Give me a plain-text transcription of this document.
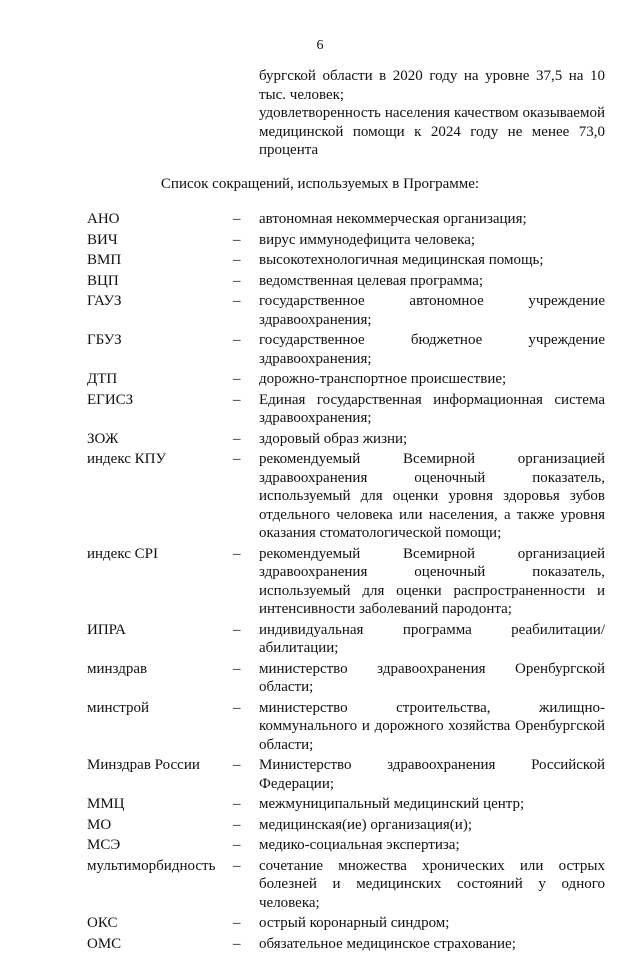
6

бургской области в 2020 году на уровне 37,5 на 10 тыс. человек;

удовлетворенность населения качеством оказываемой медицинской помощи к 2024 году не менее 73,0 процента

Список сокращений, используемых в Программе:
АНО	–	автономная некоммерческая организация;
ВИЧ	–	вирус иммунодефицита человека;
ВМП	–	высокотехнологичная медицинская помощь;
ВЦП	–	ведомственная целевая программа;
ГАУЗ	–	государственное автономное учреждение здравоохранения;
ГБУЗ	–	государственное бюджетное учреждение здравоохранения;
ДТП	–	дорожно-транспортное происшествие;
ЕГИСЗ	–	Единая государственная информационная система здравоохранения;
ЗОЖ	–	здоровый образ жизни;
индекс КПУ	–	рекомендуемый Всемирной организацией здравоохранения оценочный показатель, используемый для оценки уровня здоровья зубов отдельного человека или населения, а также уровня оказания стоматологической помощи;
индекс CPI	–	рекомендуемый Всемирной организацией здравоохранения оценочный показатель, используемый для оценки распространенности и интенсивности заболеваний пародонта;
ИПРА	–	индивидуальная программа реабилитации/абилитации;
минздрав	–	министерство здравоохранения Оренбургской области;
минстрой	–	министерство строительства, жилищно-коммунального и дорожного хозяйства Оренбургской области;
Минздрав России	–	Министерство здравоохранения Российской Федерации;
ММЦ	–	межмуниципальный медицинский центр;
МО	–	медицинская(ие) организация(и);
МСЭ	–	медико-социальная экспертиза;
мультиморбидность	–	сочетание множества хронических или острых болезней и медицинских состояний у одного человека;
ОКС	–	острый коронарный синдром;
ОМС	–	обязательное медицинское страхование;
